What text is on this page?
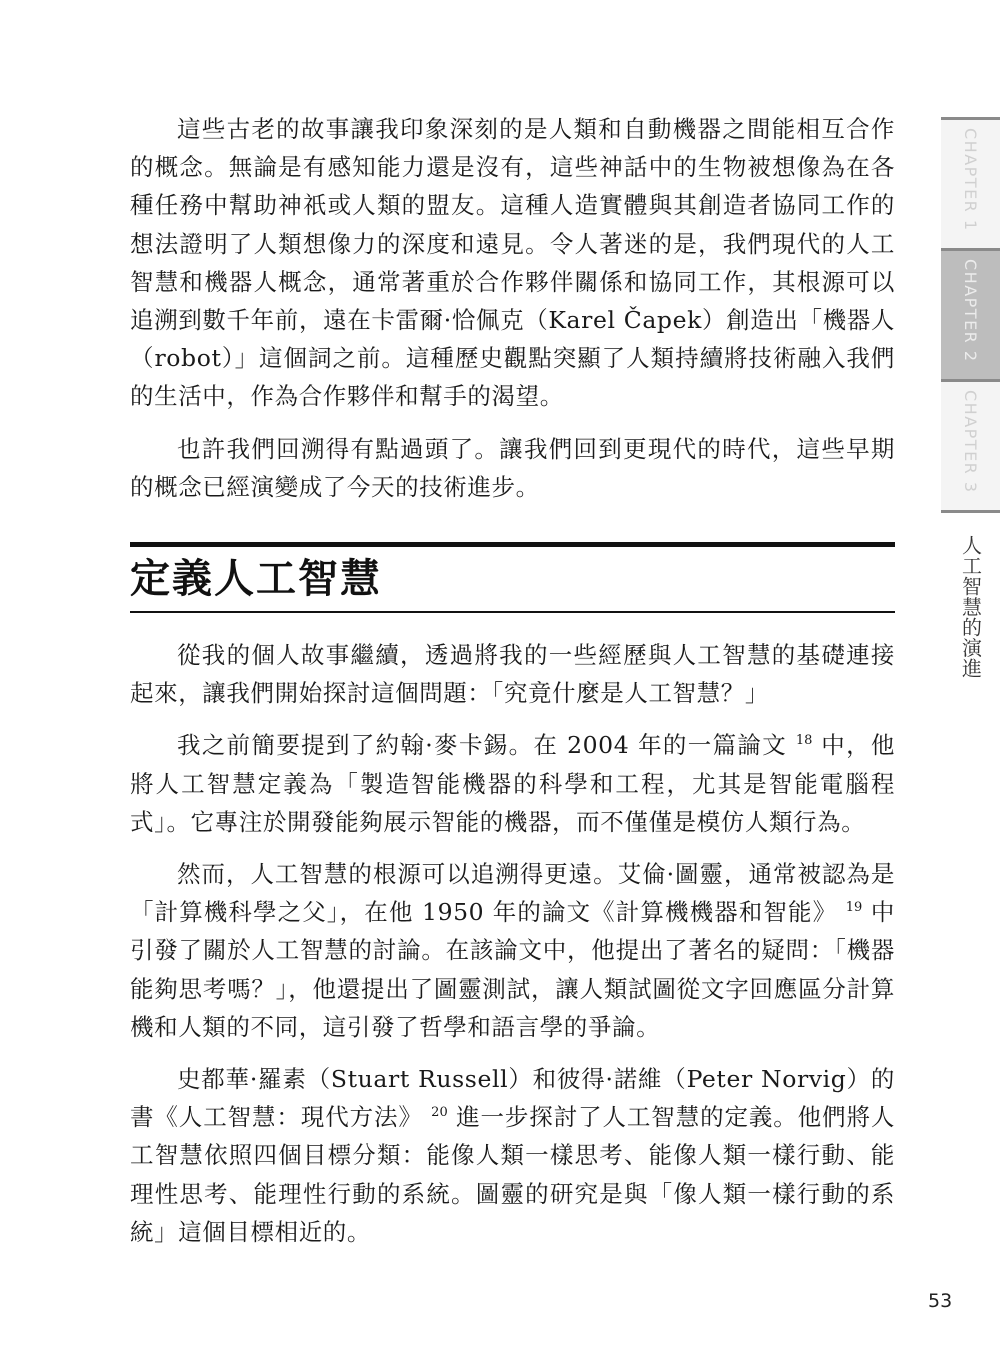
這些古老的故事讓我印象深刻的是人類和自動機器之間能相互合作的概念。無論是有感知能力還是沒有，這些神話中的生物被想像為在各種任務中幫助神祇或人類的盟友。這種人造實體與其創造者協同工作的想法證明了人類想像力的深度和遠見。令人著迷的是，我們現代的人工智慧和機器人概念，通常著重於合作夥伴關係和協同工作，其根源可以追溯到數千年前，遠在卡雷爾·恰佩克（Karel Čapek）創造出「機器人（robot）」這個詞之前。這種歷史觀點突顯了人類持續將技術融入我們的生活中，作為合作夥伴和幫手的渴望。

也許我們回溯得有點過頭了。讓我們回到更現代的時代，這些早期的概念已經演變成了今天的技術進步。

定義人工智慧

從我的個人故事繼續，透過將我的一些經歷與人工智慧的基礎連接起來，讓我們開始探討這個問題：「究竟什麼是人工智慧？」

我之前簡要提到了約翰·麥卡錫。在 2004 年的一篇論文 $^{18}$ 中，他將人工智慧定義為「製造智能機器的科學和工程，尤其是智能電腦程式」。它專注於開發能夠展示智能的機器，而不僅僅是模仿人類行為。

然而，人工智慧的根源可以追溯得更遠。艾倫·圖靈，通常被認為是「計算機科學之父」，在他 1950 年的論文《計算機機器和智能》 $^{19}$ 中引發了關於人工智慧的討論。在該論文中，他提出了著名的疑問：「機器能夠思考嗎？」，他還提出了圖靈測試，讓人類試圖從文字回應區分計算機和人類的不同，這引發了哲學和語言學的爭論。

史都華·羅素（Stuart Russell）和彼得·諾維（Peter Norvig）的書《人工智慧：現代方法》 $^{20}$ 進一步探討了人工智慧的定義。他們將人工智慧依照四個目標分類：能像人類一樣思考、能像人類一樣行動、能理性思考、能理性行動的系統。圖靈的研究是與「像人類一樣行動的系統」這個目標相近的。

CHAPTER 1
CHAPTER 2
CHAPTER 3
人工智慧的演進
53
